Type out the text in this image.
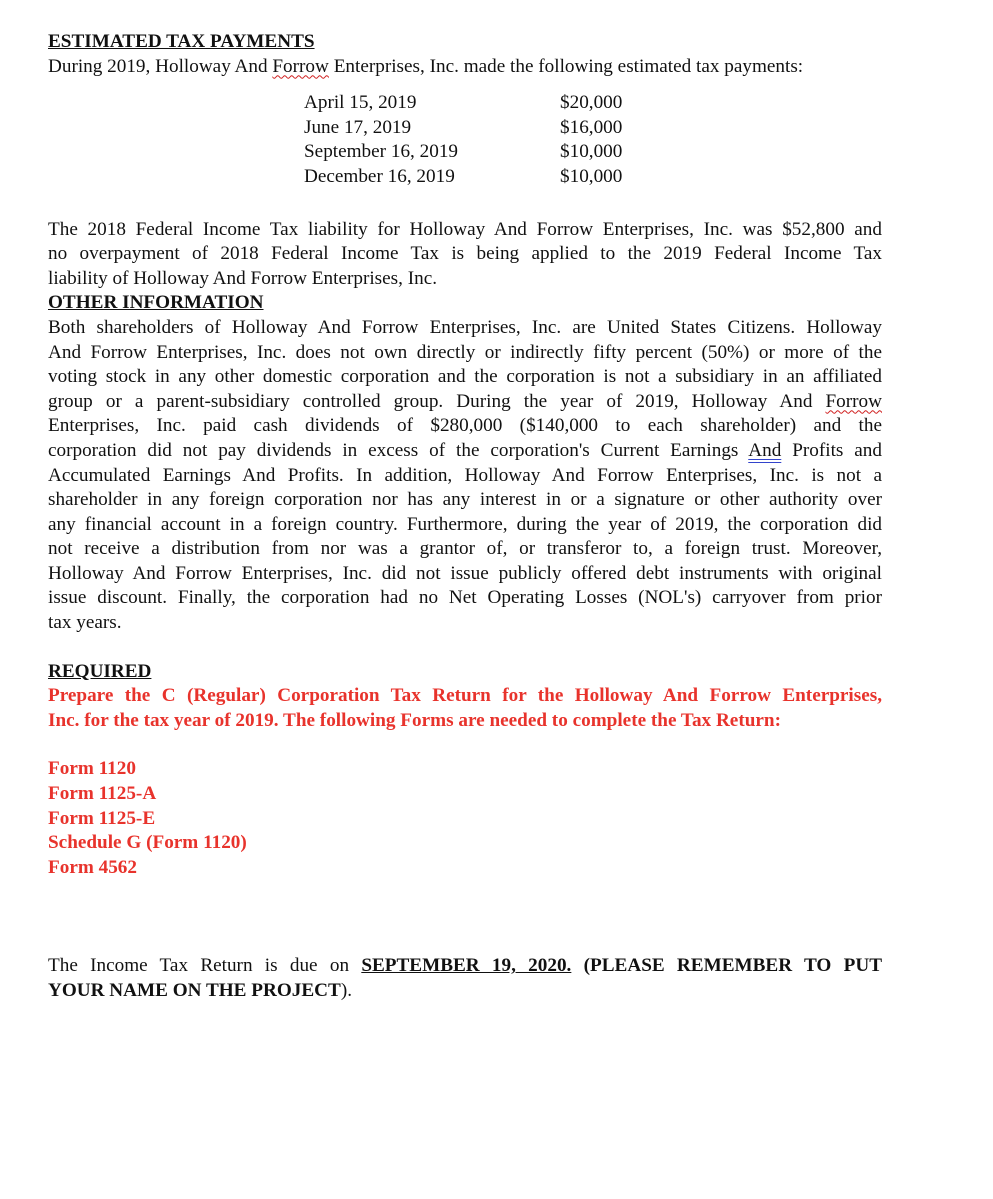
ESTIMATED TAX PAYMENTS

During 2019, Holloway And Forrow Enterprises, Inc. made the following estimated tax payments:

April 15, 2019	$20,000
June 17, 2019	$16,000
September 16, 2019	$10,000
December 16, 2019	$10,000

The 2018 Federal Income Tax liability for Holloway And Forrow Enterprises, Inc. was $52,800 and

no overpayment of 2018 Federal Income Tax is being applied to the 2019 Federal Income Tax

liability of Holloway And Forrow Enterprises, Inc.

OTHER INFORMATION

Both shareholders of Holloway And Forrow Enterprises, Inc. are United States Citizens. Holloway

And Forrow Enterprises, Inc. does not own directly or indirectly fifty percent (50%) or more of the

voting stock in any other domestic corporation and the corporation is not a subsidiary in an affiliated

group or a parent-subsidiary controlled group. During the year of 2019, Holloway And Forrow

Enterprises, Inc. paid cash dividends of $280,000 ($140,000 to each shareholder) and the

corporation did not pay dividends in excess of the corporation's Current Earnings And Profits and

Accumulated Earnings And Profits. In addition, Holloway And Forrow Enterprises, Inc. is not a

shareholder in any foreign corporation nor has any interest in or a signature or other authority over

any financial account in a foreign country. Furthermore, during the year of 2019, the corporation did

not receive a distribution from nor was a grantor of, or transferor to, a foreign trust. Moreover,

Holloway And Forrow Enterprises, Inc. did not issue publicly offered debt instruments with original

issue discount. Finally, the corporation had no Net Operating Losses (NOL's) carryover from prior

tax years.

REQUIRED

Prepare the C (Regular) Corporation Tax Return for the Holloway And Forrow Enterprises,

Inc. for the tax year of 2019. The following Forms are needed to complete the Tax Return:

Form 1120
Form 1125-A
Form 1125-E
Schedule G (Form 1120)
Form 4562

The Income Tax Return is due on SEPTEMBER 19, 2020. (PLEASE REMEMBER TO PUT

YOUR NAME ON THE PROJECT).
